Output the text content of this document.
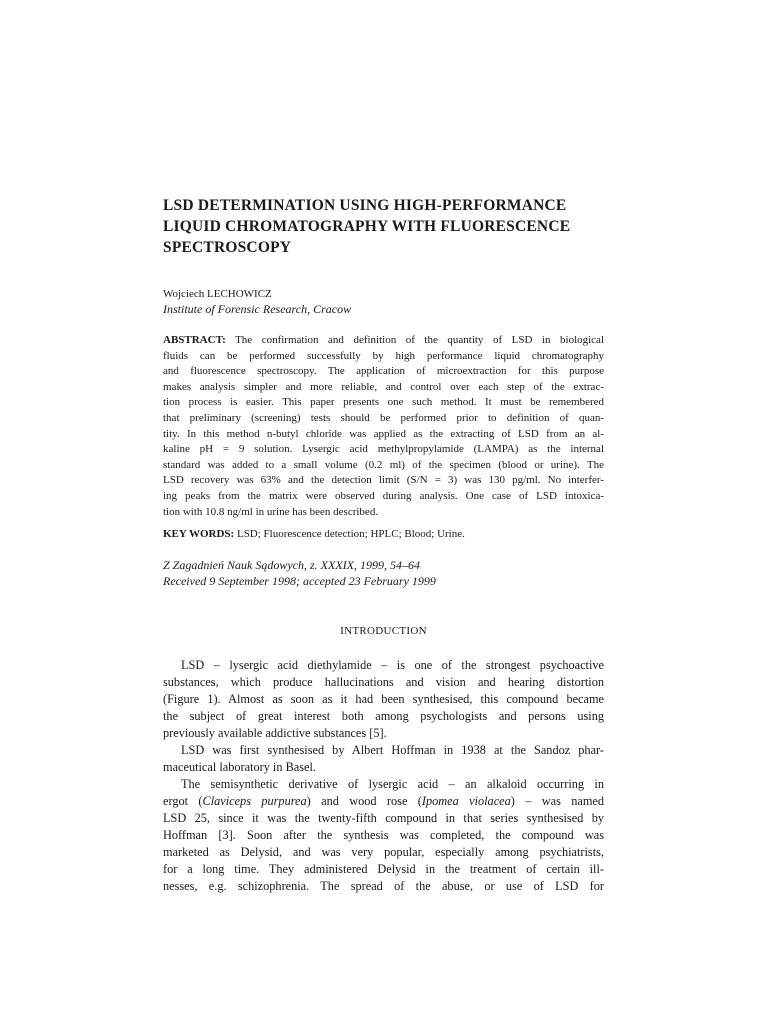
LSD DETERMINATION USING HIGH-PERFORMANCE
LIQUID CHROMATOGRAPHY WITH FLUORESCENCE
SPECTROSCOPY
Wojciech LECHOWICZ
Institute of Forensic Research, Cracow
ABSTRACT: The confirmation and definition of the quantity of LSD in biological
fluids can be performed successfully by high performance liquid chromatography
and fluorescence spectroscopy. The application of microextraction for this purpose
makes analysis simpler and more reliable, and control over each step of the extrac-
tion process is easier. This paper presents one such method. It must be remembered
that preliminary (screening) tests should be performed prior to definition of quan-
tity. In this method n-butyl chloride was applied as the extracting of LSD from an al-
kaline pH = 9 solution. Lysergic acid methylpropylamide (LAMPA) as the internal
standard was added to a small volume (0.2 ml) of the specimen (blood or urine). The
LSD recovery was 63% and the detection limit (S/N = 3) was 130 pg/ml. No interfer-
ing peaks from the matrix were observed during analysis. One case of LSD intoxica-
tion with 10.8 ng/ml in urine has been described.
KEY WORDS: LSD; Fluorescence detection; HPLC; Blood; Urine.
Z Zagadnień Nauk Sądowych, z. XXXIX, 1999, 54–64
Received 9 September 1998; accepted 23 February 1999
INTRODUCTION
LSD – lysergic acid diethylamide – is one of the strongest psychoactive
substances, which produce hallucinations and vision and hearing distortion
(Figure 1). Almost as soon as it had been synthesised, this compound became
the subject of great interest both among psychologists and persons using
previously available addictive substances [5].
LSD was first synthesised by Albert Hoffman in 1938 at the Sandoz phar-
maceutical laboratory in Basel.
The semisynthetic derivative of lysergic acid – an alkaloid occurring in
ergot (Claviceps purpurea) and wood rose (Ipomea violacea) – was named
LSD 25, since it was the twenty-fifth compound in that series synthesised by
Hoffman [3]. Soon after the synthesis was completed, the compound was
marketed as Delysid, and was very popular, especially among psychiatrists,
for a long time. They administered Delysid in the treatment of certain ill-
nesses, e.g. schizophrenia. The spread of the abuse, or use of LSD for
